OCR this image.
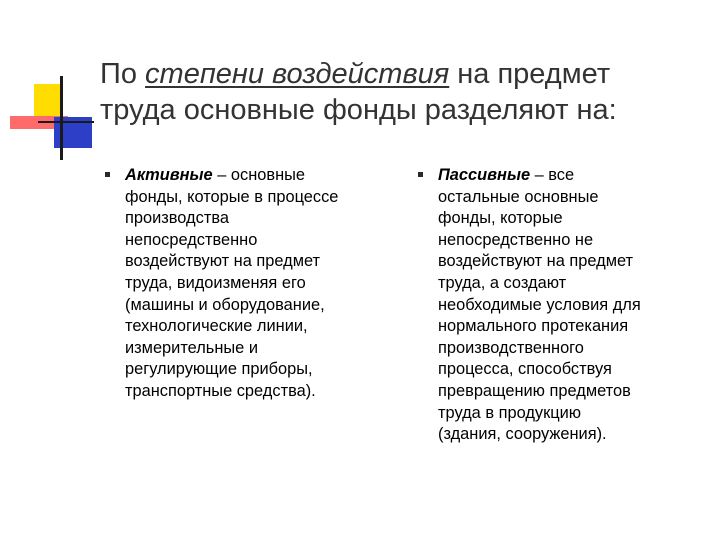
По степени воздействия на предмет
труда основные фонды разделяют на:
Активные – основные
фонды, которые в процессе
производства
непосредственно
воздействуют на предмет
труда, видоизменяя его
(машины и оборудование,
технологические линии,
измерительные и
регулирующие приборы,
транспортные средства).
Пассивные – все
остальные основные
фонды, которые
непосредственно не
воздействуют на предмет
труда, а создают
необходимые условия для
нормального протекания
производственного
процесса, способствуя
превращению предметов
труда в продукцию
(здания, сооружения).
